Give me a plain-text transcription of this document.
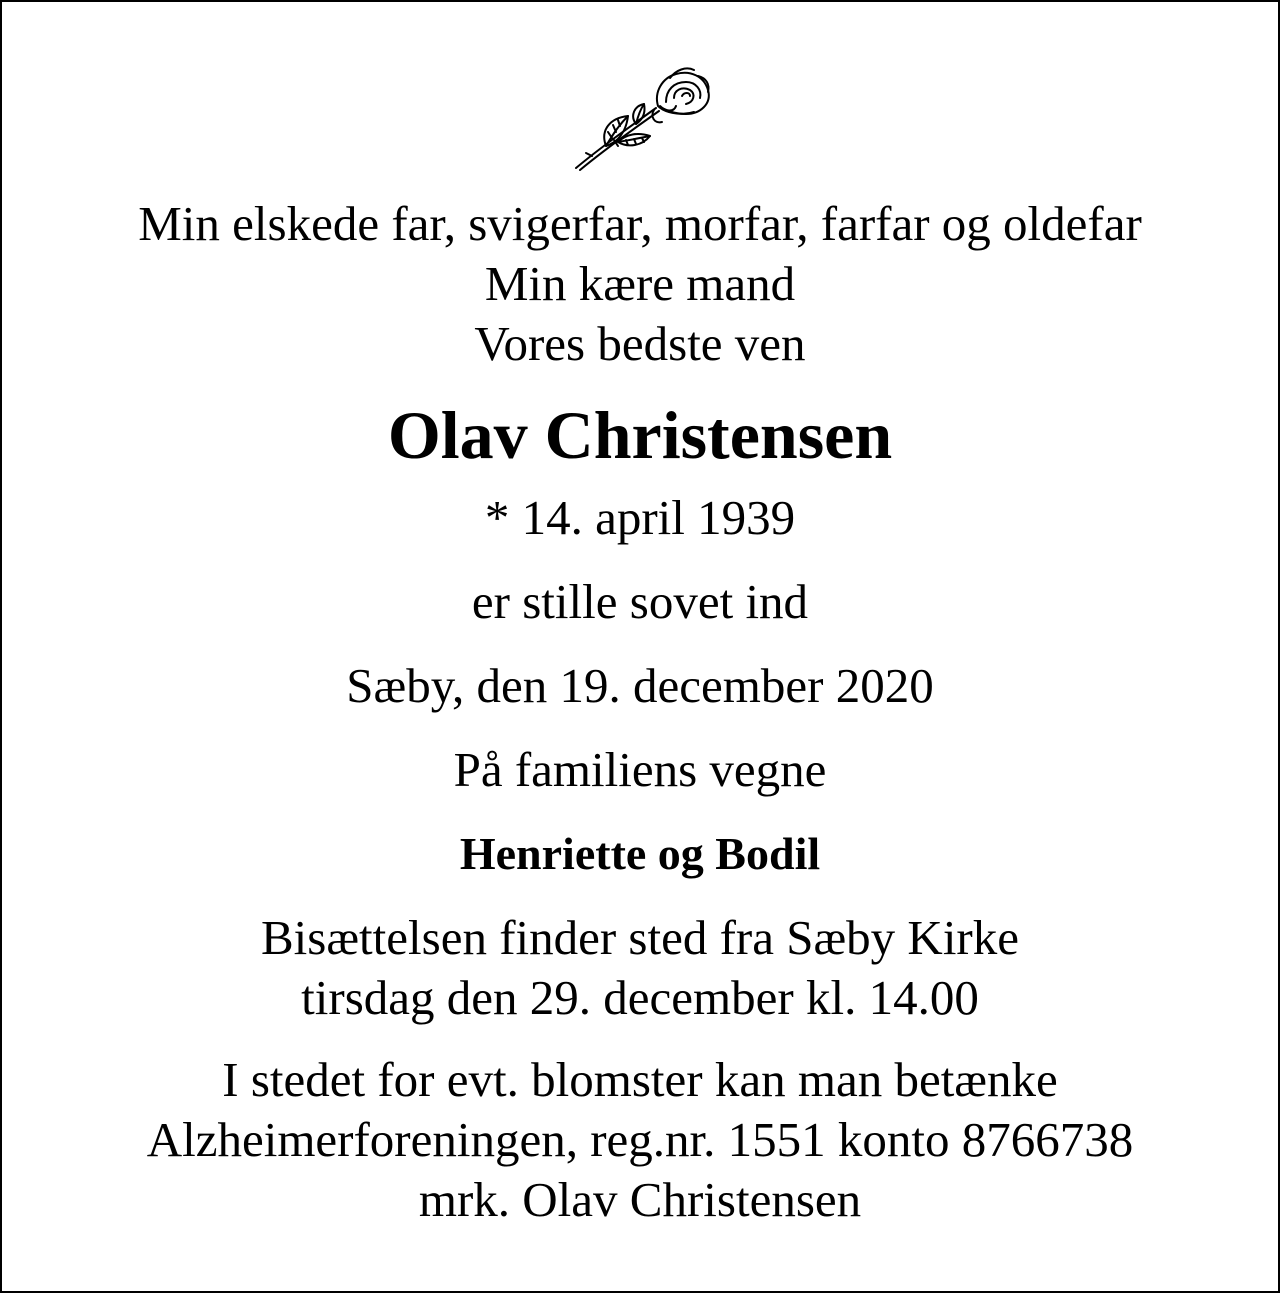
Min elskede far, svigerfar, morfar, farfar og oldefar
Min kære mand
Vores bedste ven
Olav Christensen
* 14. april 1939
er stille sovet ind
Sæby, den 19. december 2020
På familiens vegne
Henriette og Bodil
Bisættelsen finder sted fra Sæby Kirke
tirsdag den 29. december kl. 14.00
I stedet for evt. blomster kan man betænke
Alzheimerforeningen, reg.nr. 1551 konto 8766738
mrk. Olav Christensen
